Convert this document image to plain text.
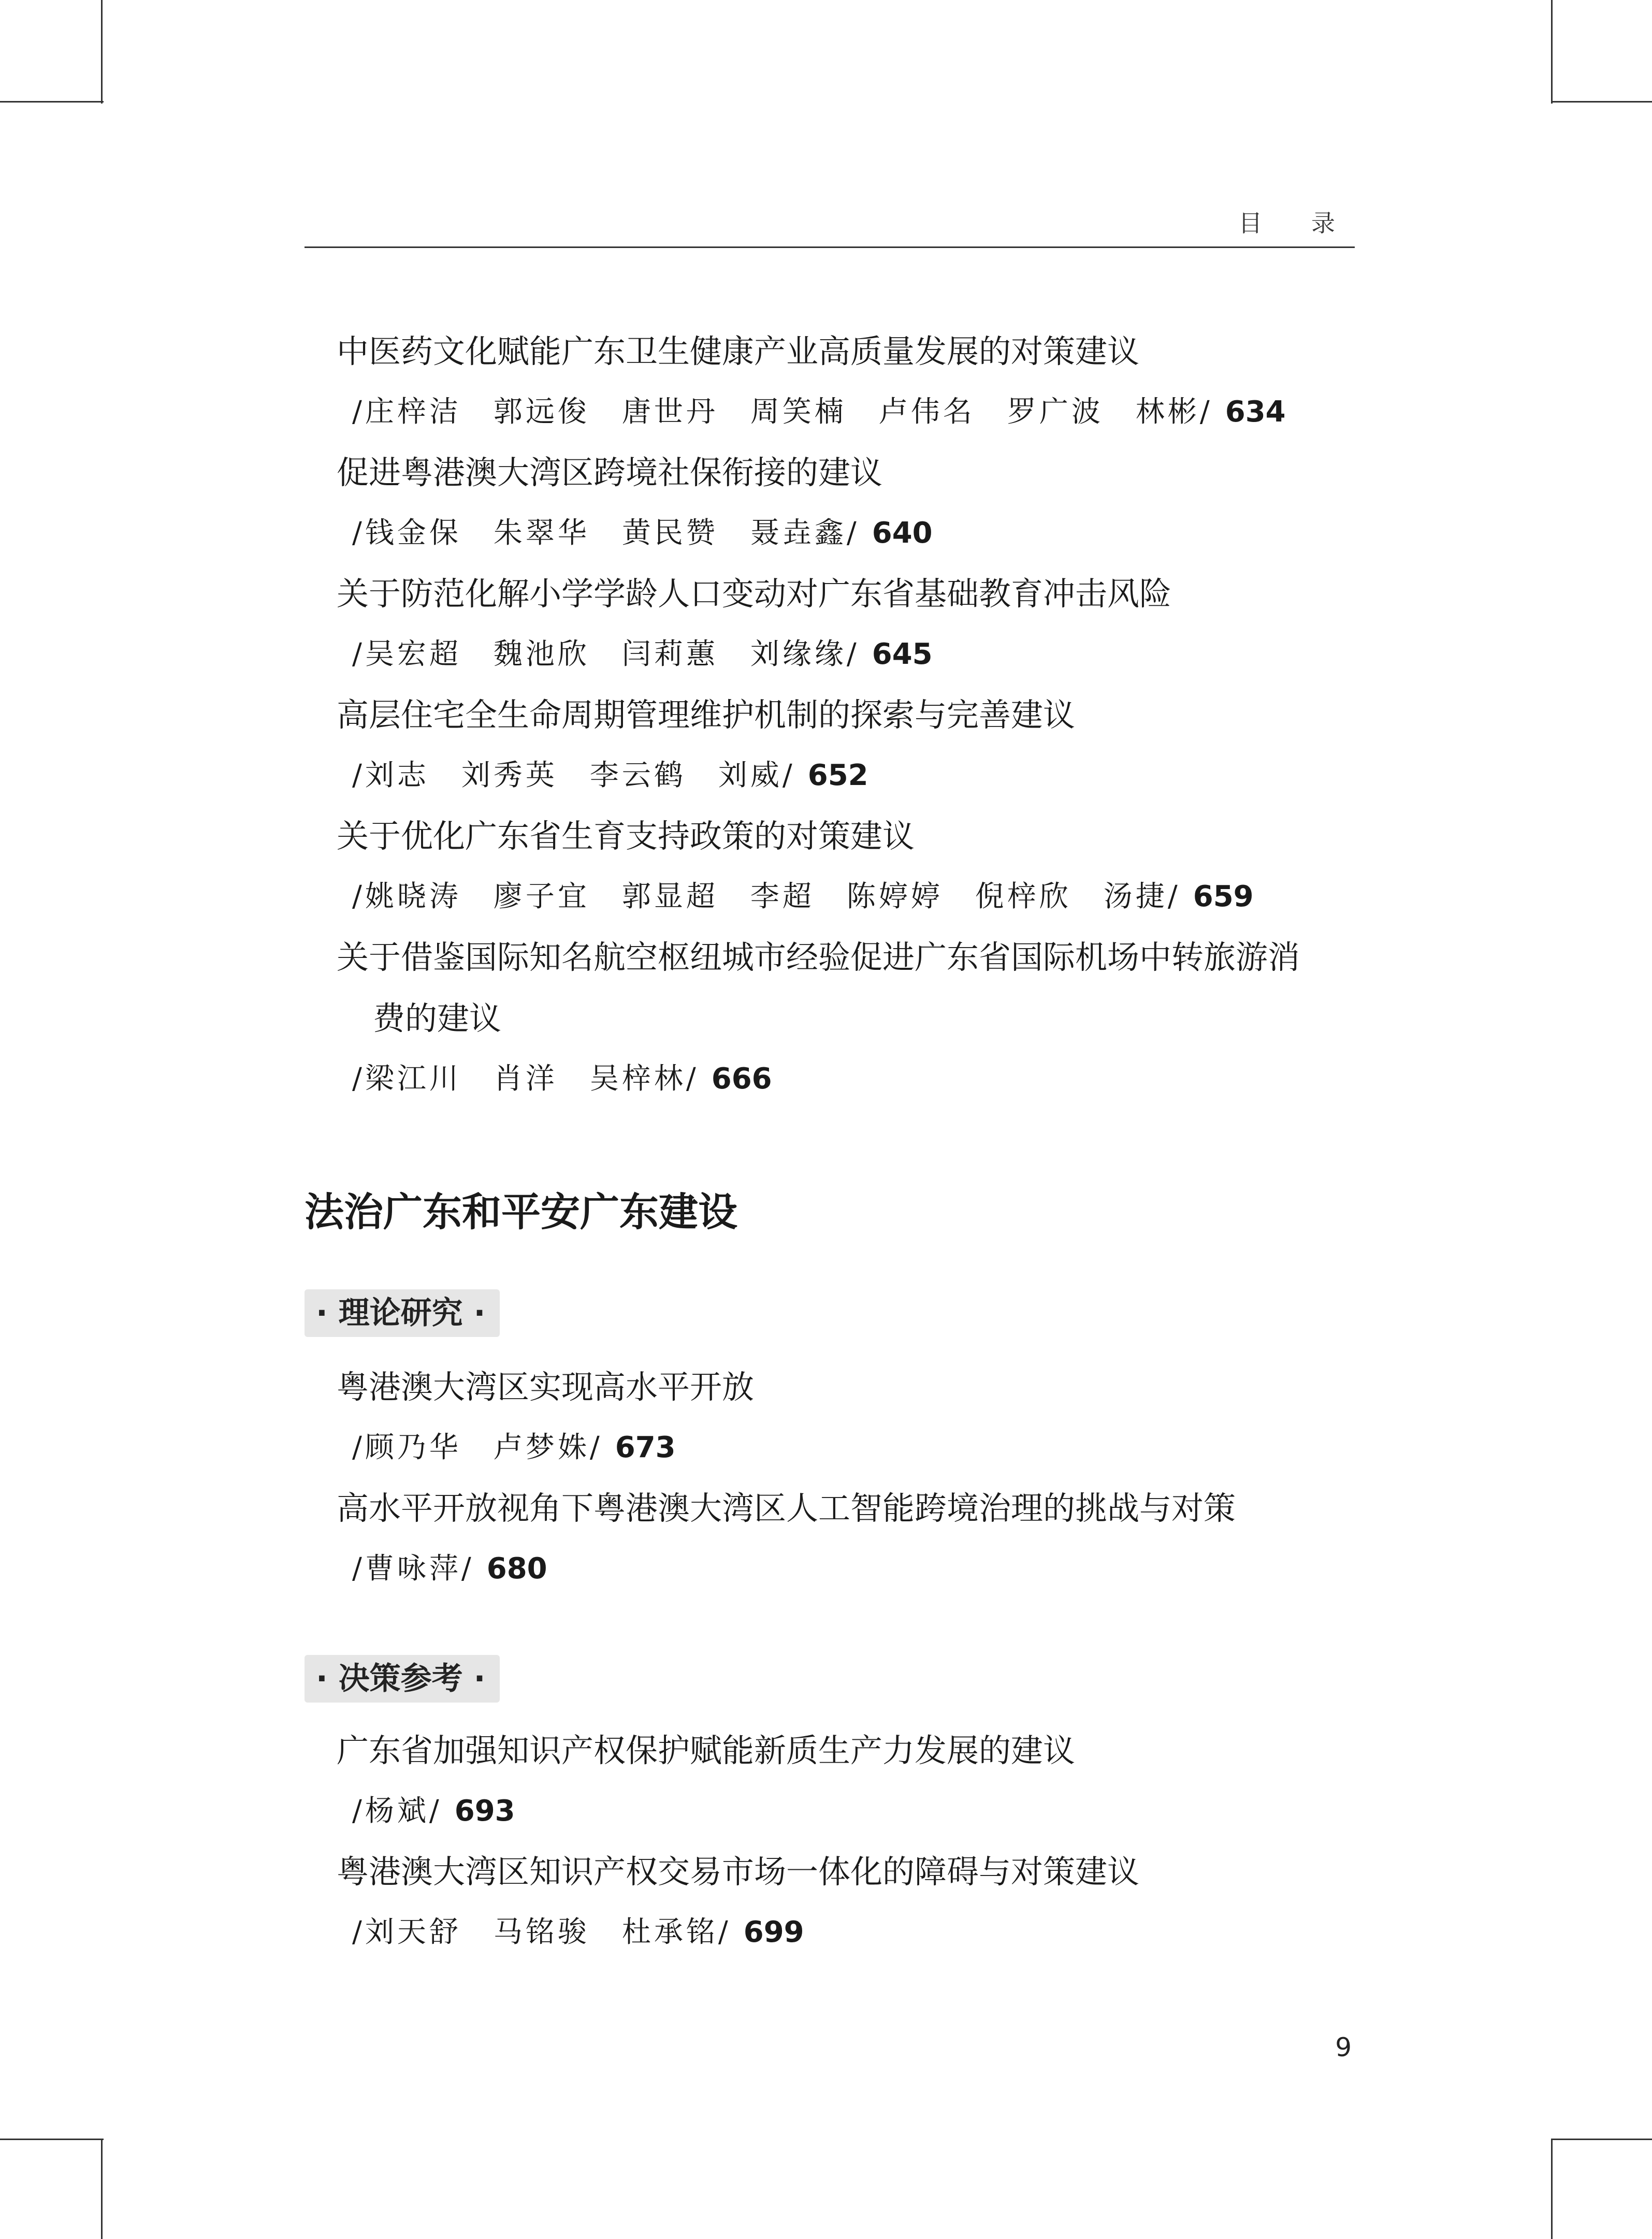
目 录

中医药文化赋能广东卫生健康产业高质量发展的对策建议

/庄梓洁　郭远俊　唐世丹　周笑楠　卢伟名　罗广波　林彬/ 634

促进粤港澳大湾区跨境社保衔接的建议

/钱金保　朱翠华　黄民赞　聂垚鑫/ 640

关于防范化解小学学龄人口变动对广东省基础教育冲击风险

/吴宏超　魏池欣　闫莉蕙　刘缘缘/ 645

高层住宅全生命周期管理维护机制的探索与完善建议

/刘志　刘秀英　李云鹤　刘威/ 652

关于优化广东省生育支持政策的对策建议

/姚晓涛　廖子宜　郭显超　李超　陈婷婷　倪梓欣　汤捷/ 659

关于借鉴国际知名航空枢纽城市经验促进广东省国际机场中转旅游消

费的建议

/梁江川　肖洋　吴梓林/ 666

法治广东和平安广东建设
· 理论研究 ·

粤港澳大湾区实现高水平开放

/顾乃华　卢梦姝/ 673

高水平开放视角下粤港澳大湾区人工智能跨境治理的挑战与对策

/曹咏萍/ 680

· 决策参考 ·

广东省加强知识产权保护赋能新质生产力发展的建议

/杨斌/ 693

粤港澳大湾区知识产权交易市场一体化的障碍与对策建议

/刘天舒　马铭骏　杜承铭/ 699

9
